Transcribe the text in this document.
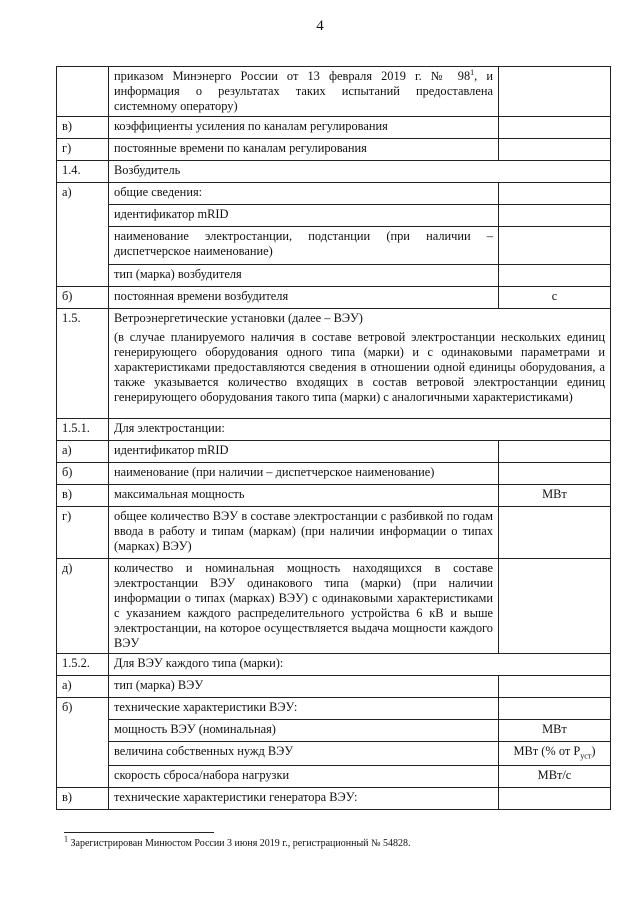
4
	приказом Минэнерго России от 13 февраля 2019 г. № $98^1$, и информация о результатах таких испытаний предоставлена системному оператору)	
в)	коэффициенты усиления по каналам регулирования	
г)	постоянные времени по каналам регулирования	
1.4.	Возбудитель	
а)	общие сведения:	
	идентификатор mRID	
	наименование электростанции, подстанции (при наличии – диспетчерское наименование)	
	тип (марка) возбудителя	
б)	постоянная времени возбудителя	с
1.5.	Ветроэнергетические установки (далее – ВЭУ)
(в случае планируемого наличия в составе ветровой электростанции нескольких единиц генерирующего оборудования одного типа (марки) и с одинаковыми параметрами и характеристиками предоставляются сведения в отношении одной единицы оборудования, а также указывается количество входящих в состав ветровой электростанции единиц генерирующего оборудования такого типа (марки) с аналогичными характеристиками)	

1.5.1.	Для электростанции:	
а)	идентификатор mRID	
б)	наименование (при наличии – диспетчерское наименование)	
в)	максимальная мощность	МВт
г)	общее количество ВЭУ в составе электростанции с разбивкой по годам ввода в работу и типам (маркам) (при наличии информации о типах (марках) ВЭУ)	
д)	количество и номинальная мощность находящихся в составе электростанции ВЭУ одинакового типа (марки) (при наличии информации о типах (марках) ВЭУ) с одинаковыми характеристиками с указанием каждого распределительного устройства 6 кВ и выше электростанции, на которое осуществляется выдача мощности каждого ВЭУ	
1.5.2.	Для ВЭУ каждого типа (марки):	
а)	тип (марка) ВЭУ	
б)	технические характеристики ВЭУ:	
	мощность ВЭУ (номинальная)	МВт
	величина собственных нужд ВЭУ	МВт (% от $P_{уст}$)
	скорость сброса/набора нагрузки	МВт/с
в)	технические характеристики генератора ВЭУ:	
$^1$ Зарегистрирован Минюстом России 3 июня 2019 г., регистрационный № 54828.
